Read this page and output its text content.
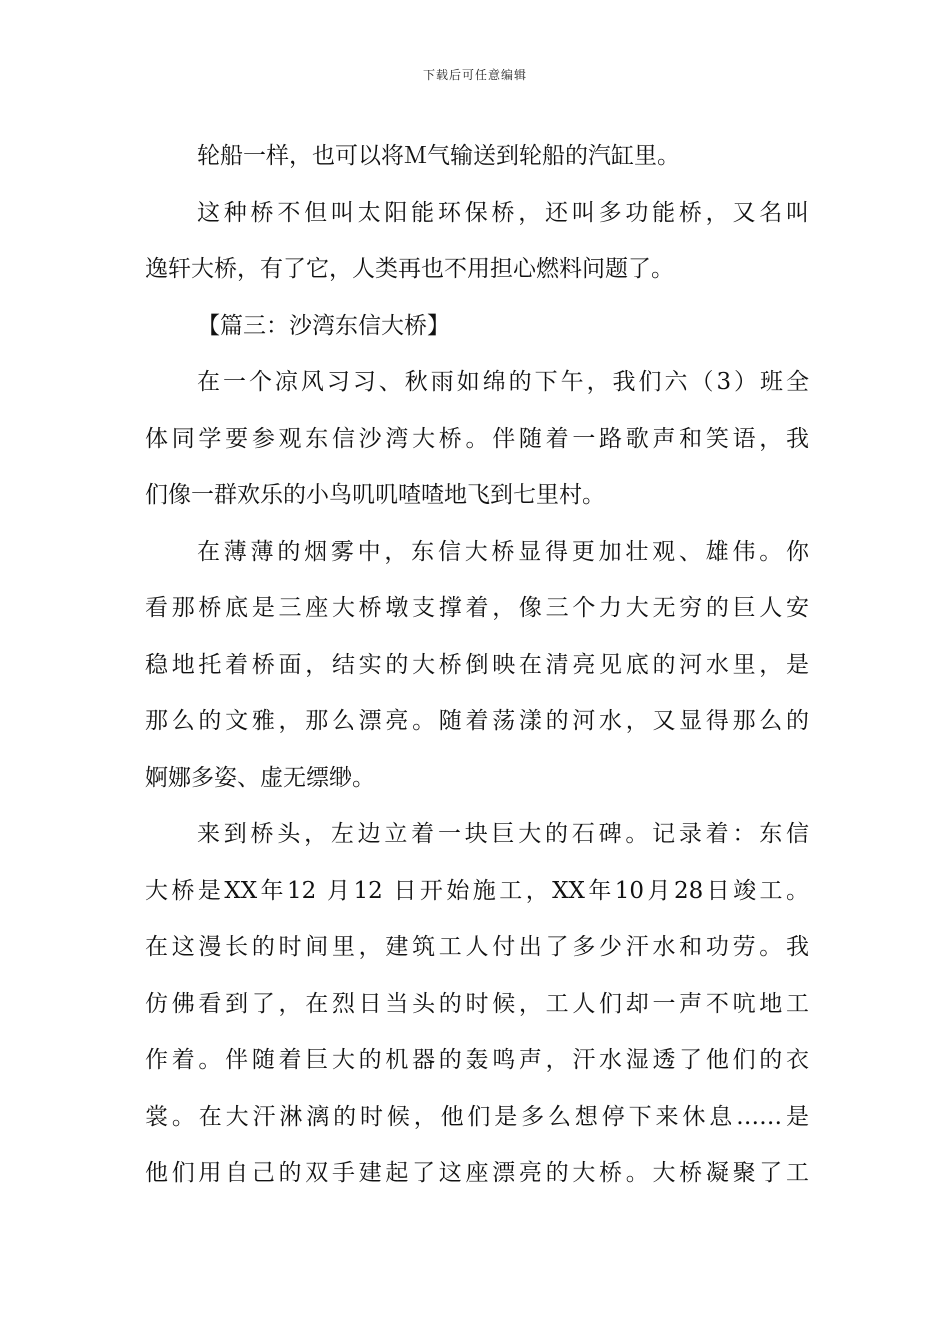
下载后可任意编辑
轮船一样，也可以将Ｍ气输送到轮船的汽缸里。
这种桥不但叫太阳能环保桥，还叫多功能桥，又名叫
逸轩大桥，有了它，人类再也不用担心燃料问题了。
【篇三：沙湾东信大桥】
在一个凉风习习、秋雨如绵的下午，我们六（3）班全
体同学要参观东信沙湾大桥。伴随着一路歌声和笑语，我
们像一群欢乐的小鸟叽叽喳喳地飞到七里村。
在薄薄的烟雾中，东信大桥显得更加壮观、雄伟。你
看那桥底是三座大桥墩支撑着，像三个力大无穷的巨人安
稳地托着桥面，结实的大桥倒映在清亮见底的河水里，是
那么的文雅，那么漂亮。随着荡漾的河水，又显得那么的
婀娜多姿、虚无缥缈。
来到桥头，左边立着一块巨大的石碑。记录着：东信
大桥是XX年12 月12 日开始施工，XX年10月28日竣工。
在这漫长的时间里，建筑工人付出了多少汗水和功劳。我
仿佛看到了，在烈日当头的时候，工人们却一声不吭地工
作着。伴随着巨大的机器的轰鸣声，汗水湿透了他们的衣
裳。在大汗淋漓的时候，他们是多么想停下来休息……是
他们用自己的双手建起了这座漂亮的大桥。大桥凝聚了工
